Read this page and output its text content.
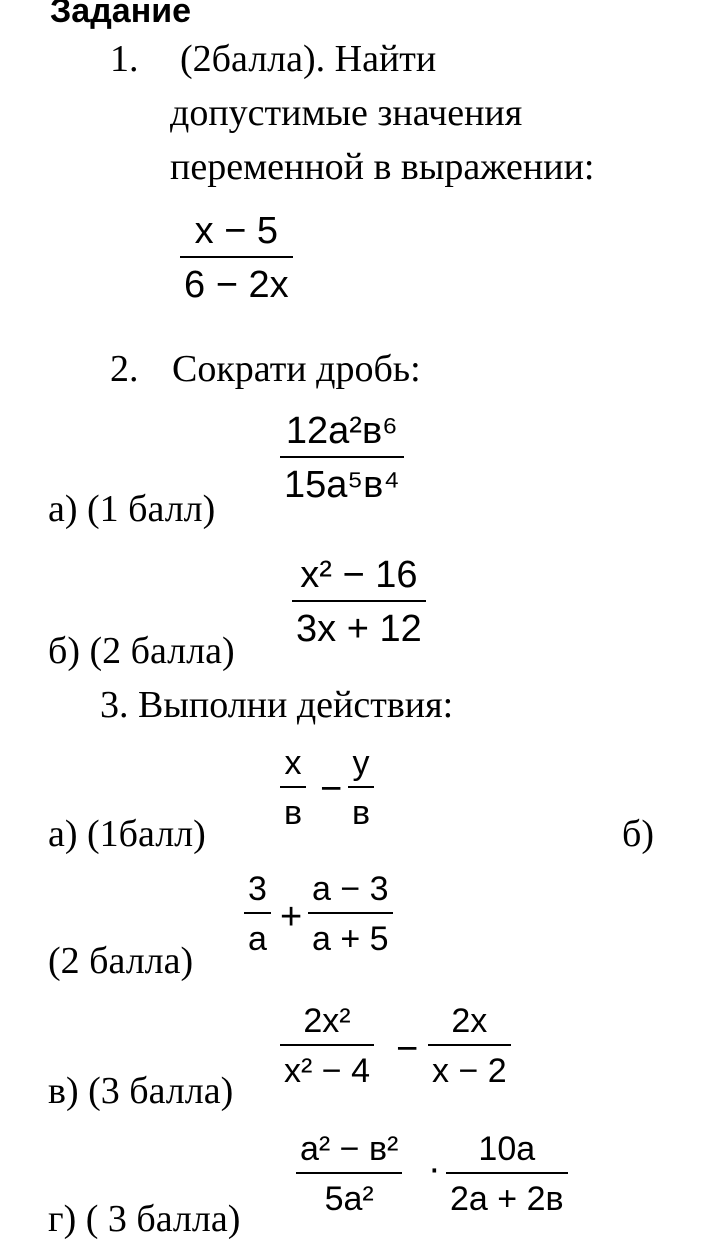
Задание
1. (2балла). Найти
допустимые значения
переменной в выражении:
x − 5
6 − 2x
2. Сократи дробь:
12a²в⁶
15a⁵в⁴
а) (1 балл)
x² − 16
3x + 12
б) (2 балла)
3. Выполни действия:
x
в
−
y
в
а) (1балл)	б)
3
a
+
a − 3
a + 5
(2 балла)
2x²
x² − 4
−
2x
x − 2
в) (3 балла)
a² − в²
5a²
· 10a
2a + 2в
г) ( 3 балла)
